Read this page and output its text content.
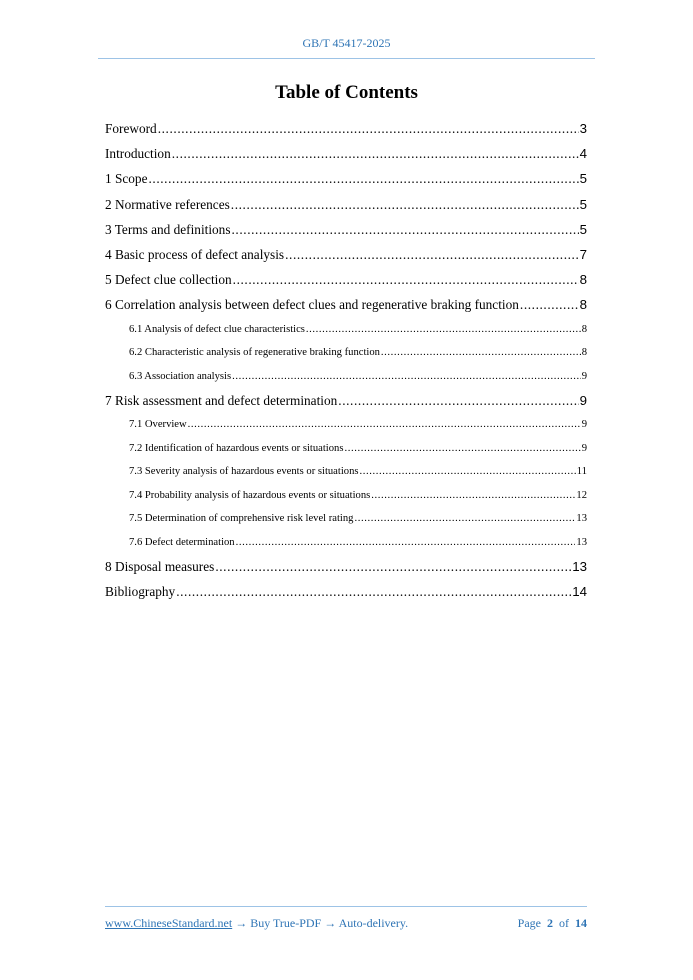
GB/T 45417-2025
Table of Contents
Foreword .....	3
Introduction .....	4
1 Scope .....	5
2 Normative references .....	5
3 Terms and definitions .....	5
4 Basic process of defect analysis .....	7
5 Defect clue collection .....	8
6 Correlation analysis between defect clues and regenerative braking function .....	8
6.1 Analysis of defect clue characteristics .....	8
6.2 Characteristic analysis of regenerative braking function .....	8
6.3 Association analysis .....	9
7 Risk assessment and defect determination .....	9
7.1 Overview .....	9
7.2 Identification of hazardous events or situations .....	9
7.3 Severity analysis of hazardous events or situations .....	11
7.4 Probability analysis of hazardous events or situations .....	12
7.5 Determination of comprehensive risk level rating .....	13
7.6 Defect determination .....	13
8 Disposal measures .....	13
Bibliography .....	14
www.ChineseStandard.net → Buy True-PDF → Auto-delivery.	Page 2 of 14
